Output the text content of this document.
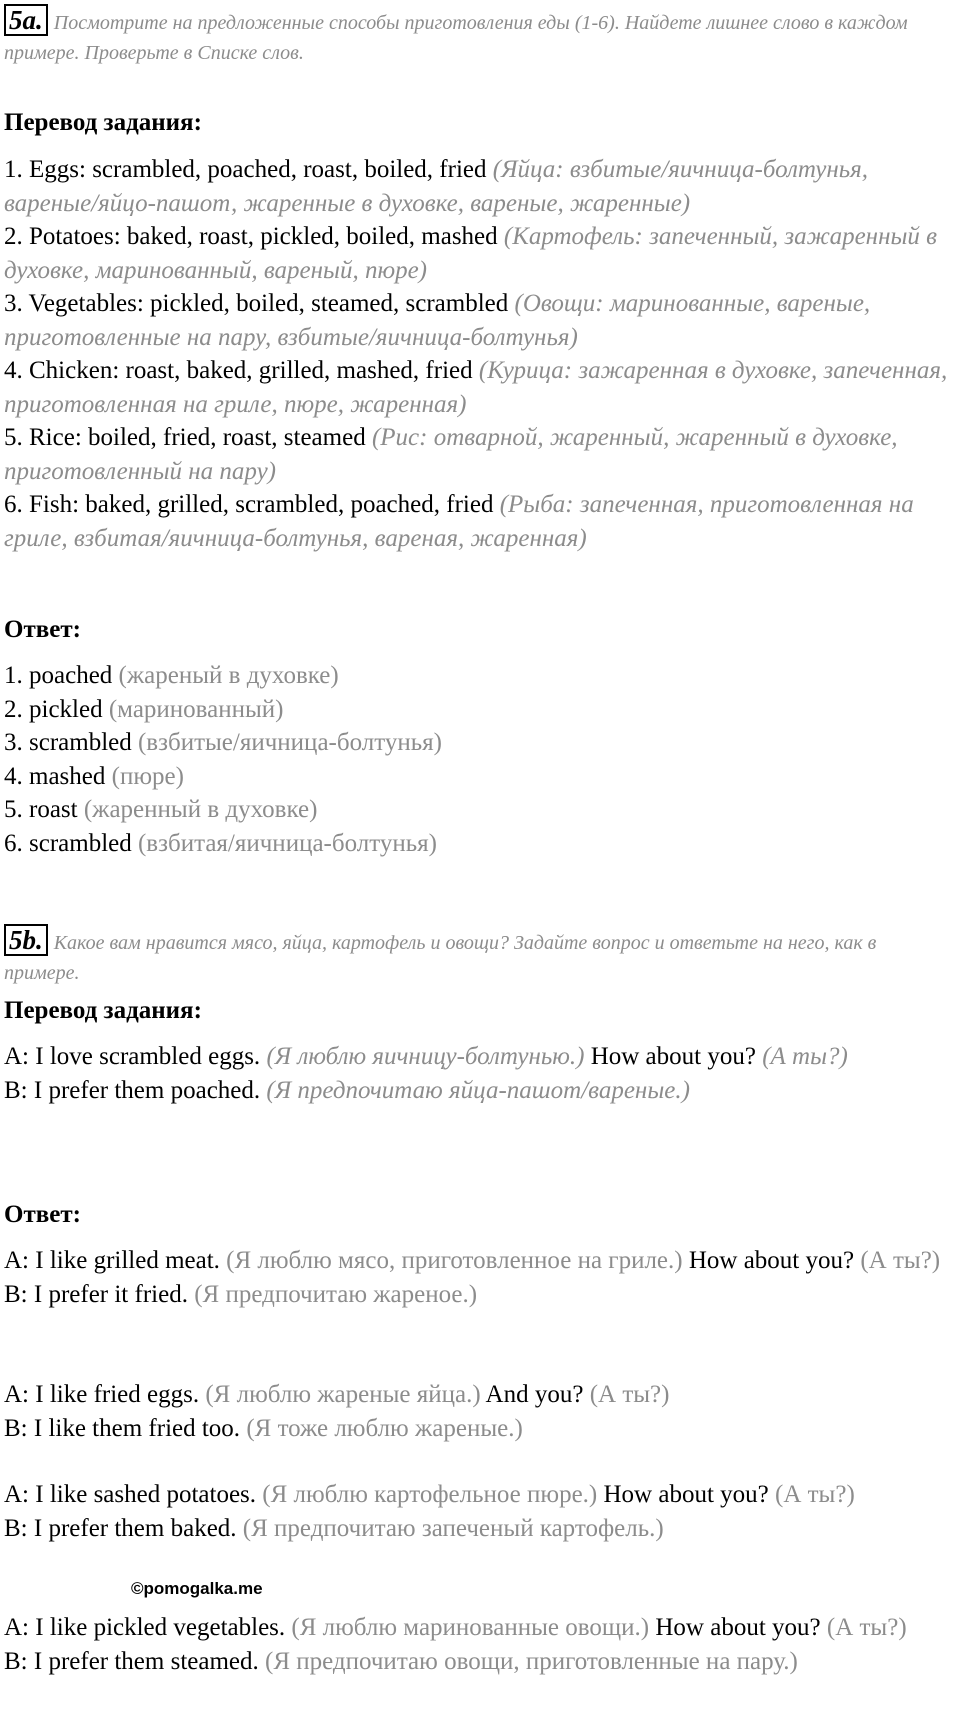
5a. Посмотрите на предложенные способы приготовления еды (1-6). Найдете лишнее слово в каждом примере. Проверьте в Списке слов.
Перевод задания:

1. Eggs: scrambled, poached, roast, boiled, fried (Яйца: взбитые/яичница-болтунья, вареные/яйцо-пашот, жаренные в духовке, вареные, жаренные)

2. Potatoes: baked, roast, pickled, boiled, mashed (Картофель: запеченный, зажаренный в духовке, маринованный, вареный, пюре)

3. Vegetables: pickled, boiled, steamed, scrambled (Овощи: маринованные, вареные, приготовленные на пару, взбитые/яичница-болтунья)

4. Chicken: roast, baked, grilled, mashed, fried (Курица: зажаренная в духовке, запеченная, приготовленная на гриле, пюре, жаренная)

5. Rice: boiled, fried, roast, steamed (Рис: отварной, жаренный, жаренный в духовке, приготовленный на пару)

6. Fish: baked, grilled, scrambled, poached, fried (Рыба: запеченная, приготовленная на гриле, взбитая/яичница-болтунья, вареная, жаренная)

Ответ:

1. poached (жареный в духовке)

2. pickled (маринованный)

3. scrambled (взбитые/яичница-болтунья)

4. mashed (пюре)

5. roast (жаренный в духовке)

6. scrambled (взбитая/яичница-болтунья)

5b. Какое вам нравится мясо, яйца, картофель и овощи? Задайте вопрос и ответьте на него, как в примере.
Перевод задания:

A: I love scrambled eggs. (Я люблю яичницу-болтунью.) How about you? (А ты?)

B: I prefer them poached. (Я предпочитаю яйца-пашот/вареные.)

Ответ:

A: I like grilled meat. (Я люблю мясо, приготовленное на гриле.) How about you? (А ты?)

B: I prefer it fried. (Я предпочитаю жареное.)

A: I like fried eggs. (Я люблю жареные яйца.) And you? (А ты?)

B: I like them fried too. (Я тоже люблю жареные.)

A: I like sashed potatoes. (Я люблю картофельное пюре.) How about you? (А ты?)

B: I prefer them baked. (Я предпочитаю запеченый картофель.)

A: I like pickled vegetables. (Я люблю маринованные овощи.) How about you? (А ты?)

B: I prefer them steamed. (Я предпочитаю овощи, приготовленные на пару.)

©pomogalka.me
